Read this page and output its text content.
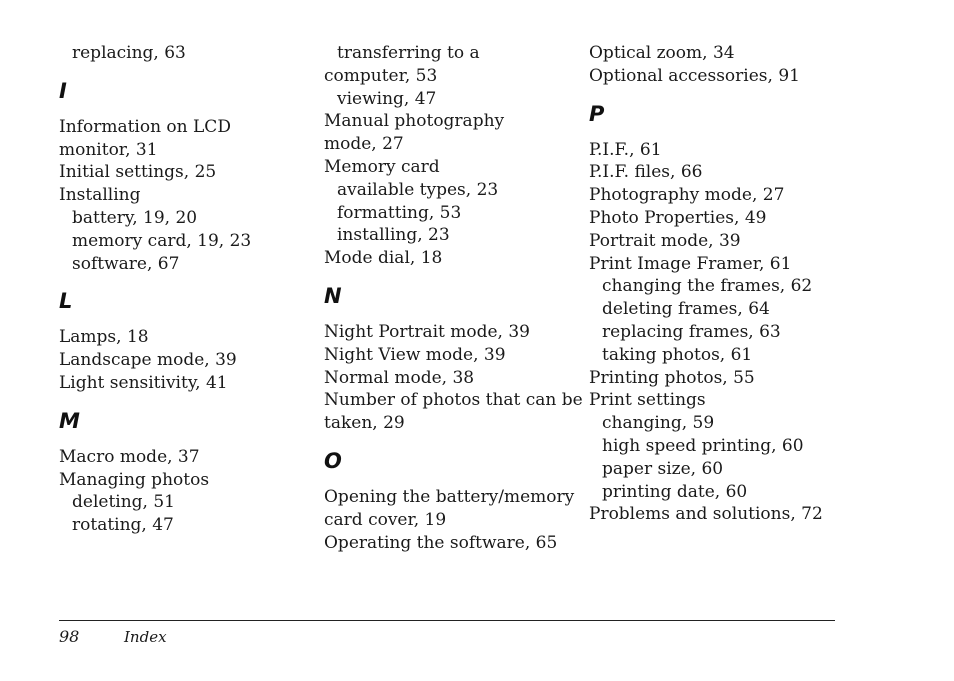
replacing, 63
I
Information on LCD
monitor, 31
Initial settings, 25
Installing
battery, 19, 20
memory card, 19, 23
software, 67
L
Lamps, 18
Landscape mode, 39
Light sensitivity, 41
M
Macro mode, 37
Managing photos
deleting, 51
rotating, 47
transferring to a
computer, 53
viewing, 47
Manual photography
mode, 27
Memory card
available types, 23
formatting, 53
installing, 23
Mode dial, 18
N
Night Portrait mode, 39
Night View mode, 39
Normal mode, 38
Number of photos that can be
taken, 29
O
Opening the battery/memory
card cover, 19
Operating the software, 65
Optical zoom, 34
Optional accessories, 91
P
P.I.F., 61
P.I.F. files, 66
Photography mode, 27
Photo Properties, 49
Portrait mode, 39
Print Image Framer, 61
changing the frames, 62
deleting frames, 64
replacing frames, 63
taking photos, 61
Printing photos, 55
Print settings
changing, 59
high speed printing, 60
paper size, 60
printing date, 60
Problems and solutions, 72
98	Index
